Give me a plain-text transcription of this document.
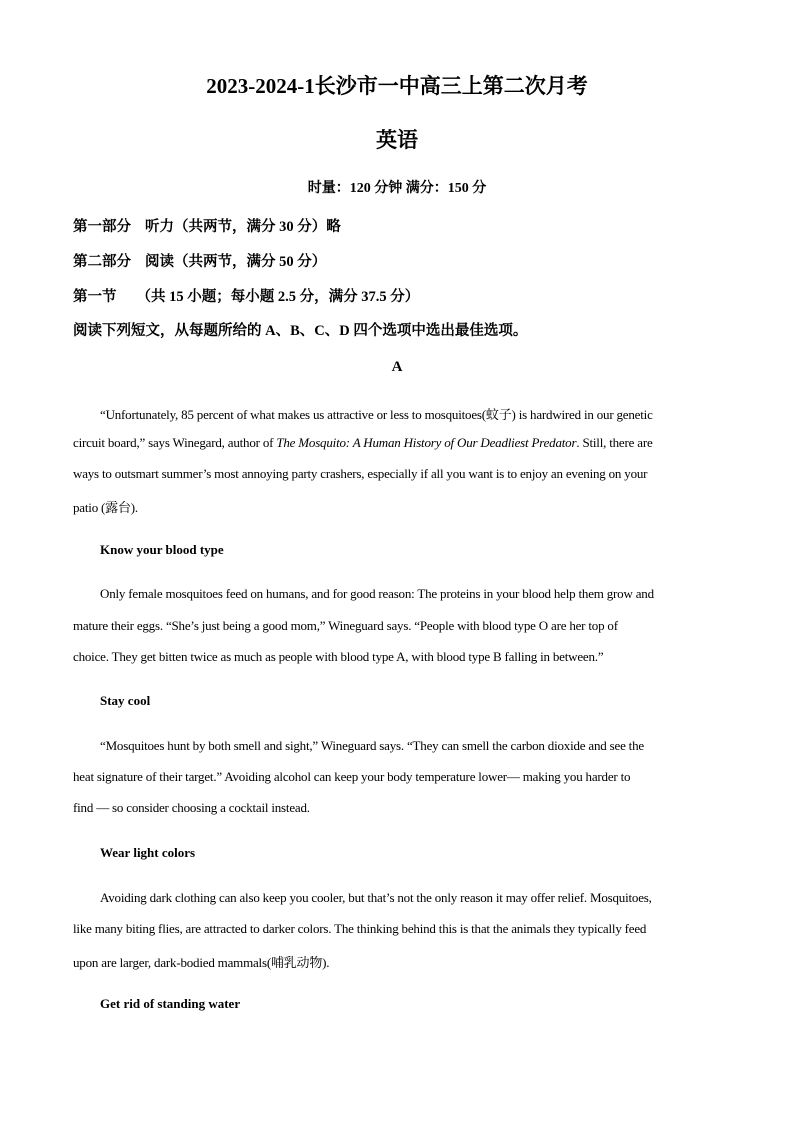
2023-2024-1长沙市一中高三上第二次月考
英语
时量：120 分钟 满分：150 分
第一部分 听力（共两节，满分 30 分）略
第二部分 阅读（共两节，满分 50 分）
第一节 （共 15 小题；每小题 2.5 分，满分 37.5 分）
阅读下列短文，从每题所给的 A、B、C、D 四个选项中选出最佳选项。
A
“Unfortunately, 85 percent of what makes us attractive or less to mosquitoes(蚊子) is hardwired in our genetic
circuit board,” says Winegard, author of The Mosquito: A Human History of Our Deadliest Predator. Still, there are
ways to outsmart summer’s most annoying party crashers, especially if all you want is to enjoy an evening on your
patio (露台).
Know your blood type
Only female mosquitoes feed on humans, and for good reason: The proteins in your blood help them grow and
mature their eggs. “She’s just being a good mom,” Wineguard says. “People with blood type O are her top of
choice. They get bitten twice as much as people with blood type A, with blood type B falling in between.”
Stay cool
“Mosquitoes hunt by both smell and sight,” Wineguard says. “They can smell the carbon dioxide and see the
heat signature of their target.” Avoiding alcohol can keep your body temperature lower— making you harder to
find — so consider choosing a cocktail instead.
Wear light colors
Avoiding dark clothing can also keep you cooler, but that’s not the only reason it may offer relief. Mosquitoes,
like many biting flies, are attracted to darker colors. The thinking behind this is that the animals they typically feed
upon are larger, dark-bodied mammals(哺乳动物).
Get rid of standing water
